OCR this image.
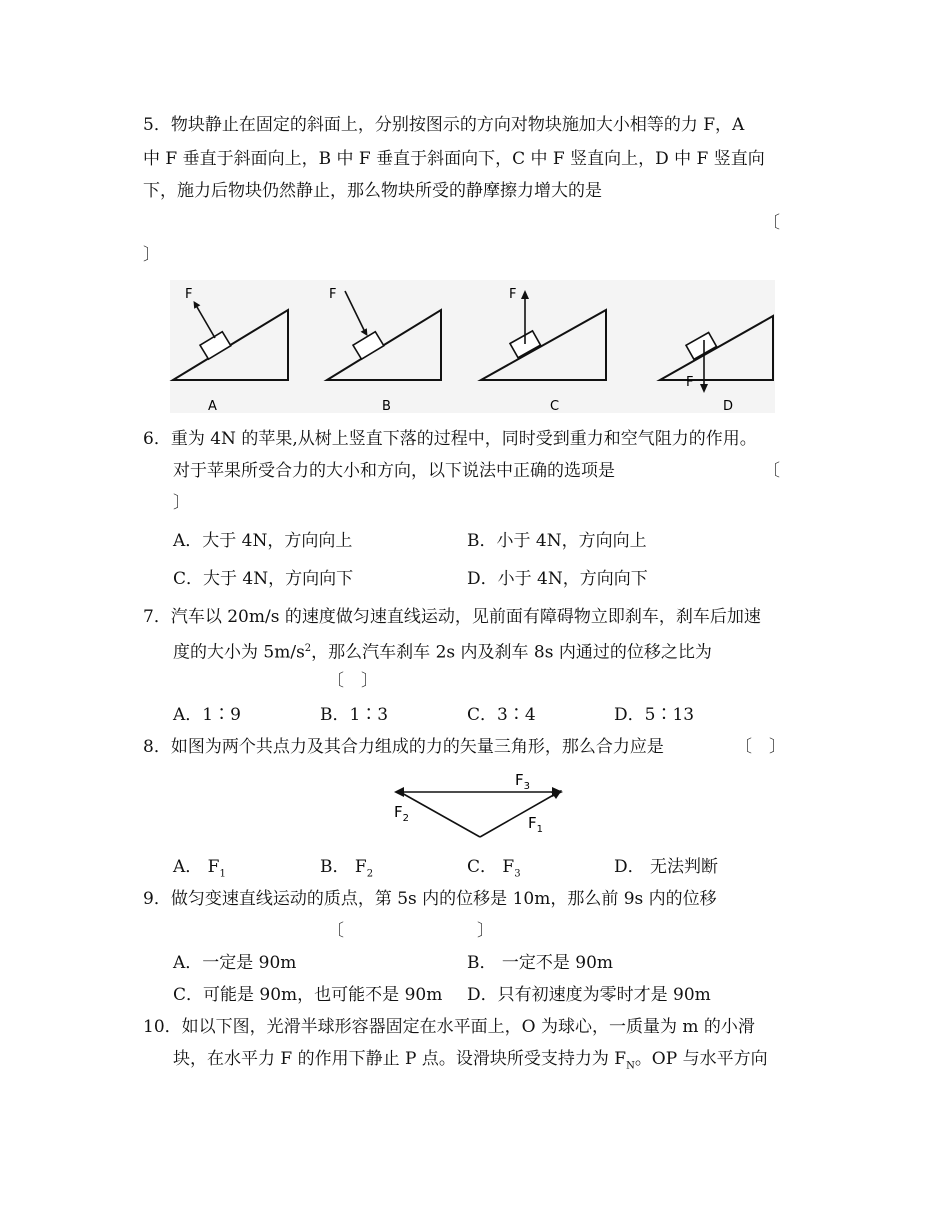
5．物块静止在固定的斜面上，分别按图示的方向对物块施加大小相等的力 F，A
中 F 垂直于斜面向上，B 中 F 垂直于斜面向下，C 中 F 竖直向上，D 中 F 竖直向
下，施力后物块仍然静止，那么物块所受的静摩擦力增大的是
〔
〕
F
A
F
B
F
C
F
D
6．重为 4N 的苹果,从树上竖直下落的过程中，同时受到重力和空气阻力的作用。
对于苹果所受合力的大小和方向，以下说法中正确的选项是	〔
〕
A．大于 4N，方向向上	B．小于 4N，方向向上
C．大于 4N，方向向下	D．小于 4N，方向向下
7．汽车以 20m/s 的速度做匀速直线运动，见前面有障碍物立即刹车，刹车后加速
度的大小为 $5m/s^2$，那么汽车刹车 2s 内及刹车 8s 内通过的位移之比为
〔　〕
A．1∶9	B．1∶3	C．3∶4	D．5∶13
8．如图为两个共点力及其合力组成的力的矢量三角形，那么合力应是	〔　〕
$F_3$
$F_2$	$F_1$
A． $F_1$	B． $F_2$	C． $F_3$	D． 无法判断
9．做匀变速直线运动的质点，第 5s 内的位移是 10m，那么前 9s 内的位移
〔	〕
A．一定是 90m	B． 一定不是 90m
C．可能是 90m，也可能不是 90m D．只有初速度为零时才是 90m
10．如以下图，光滑半球形容器固定在水平面上，O 为球心，一质量为 m 的小滑
块，在水平力 F 的作用下静止 P 点。设滑块所受支持力为 $F_N$。OP 与水平方向
